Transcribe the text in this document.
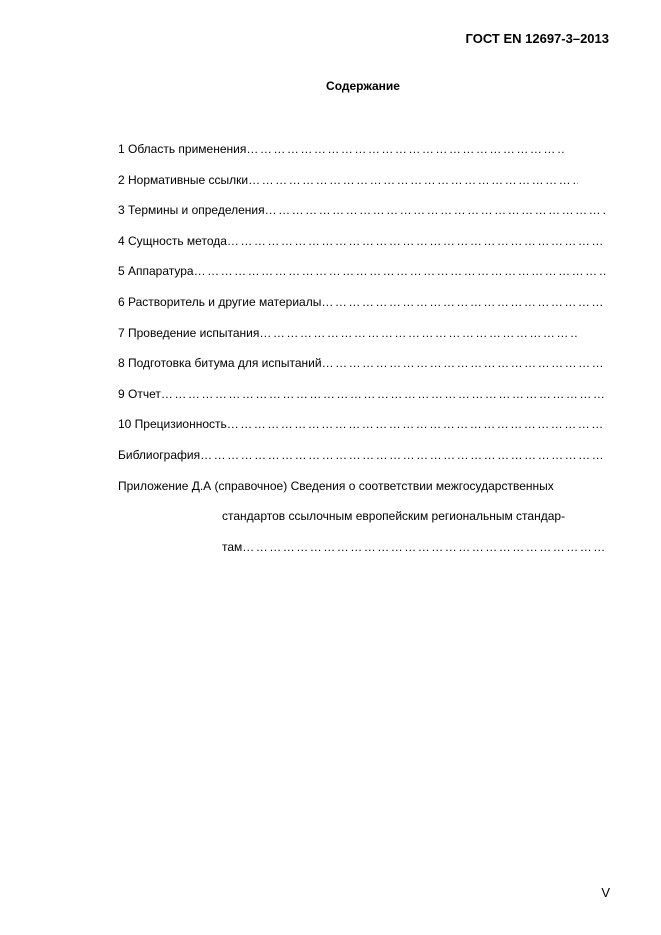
ГОСТ EN 12697-3–2013
Содержание
1 Область применения
……………………………………………………………………………………………………………………………………
2 Нормативные ссылки
……………………………………………………………………………………………………………………………………
3 Термины и определения
……………………………………………………………………………………………………………………………………
4 Сущность метода
……………………………………………………………………………………………………………………………………
5 Аппаратура
……………………………………………………………………………………………………………………………………
6 Растворитель и другие материалы
……………………………………………………………………………………………………………………………………
7 Проведение испытания
……………………………………………………………………………………………………………………………………
8 Подготовка битума для испытаний
……………………………………………………………………………………………………………………………………
9 Отчет
……………………………………………………………………………………………………………………………………
10 Прецизионность
……………………………………………………………………………………………………………………………………
Библиография
……………………………………………………………………………………………………………………………………
Приложение Д.А (справочное) Сведения о соответствии межгосударственных
стандартов ссылочным европейским региональным стандар-
там
……………………………………………………………………………………………………………………………………
V
